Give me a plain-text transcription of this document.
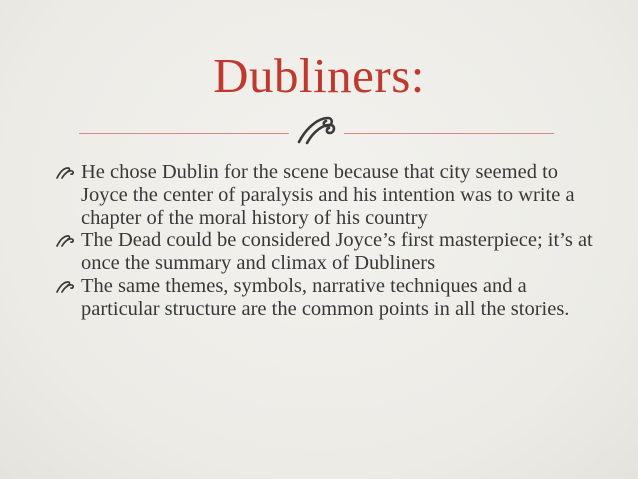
Dubliners:
He chose Dublin for the scene because that city seemed to Joyce the center of paralysis and his intention was to write a chapter of the moral history of his country
The Dead could be considered Joyce’s first masterpiece; it’s at once the summary and climax of Dubliners
The same themes, symbols, narrative techniques and a particular structure are the common points in all the stories.
